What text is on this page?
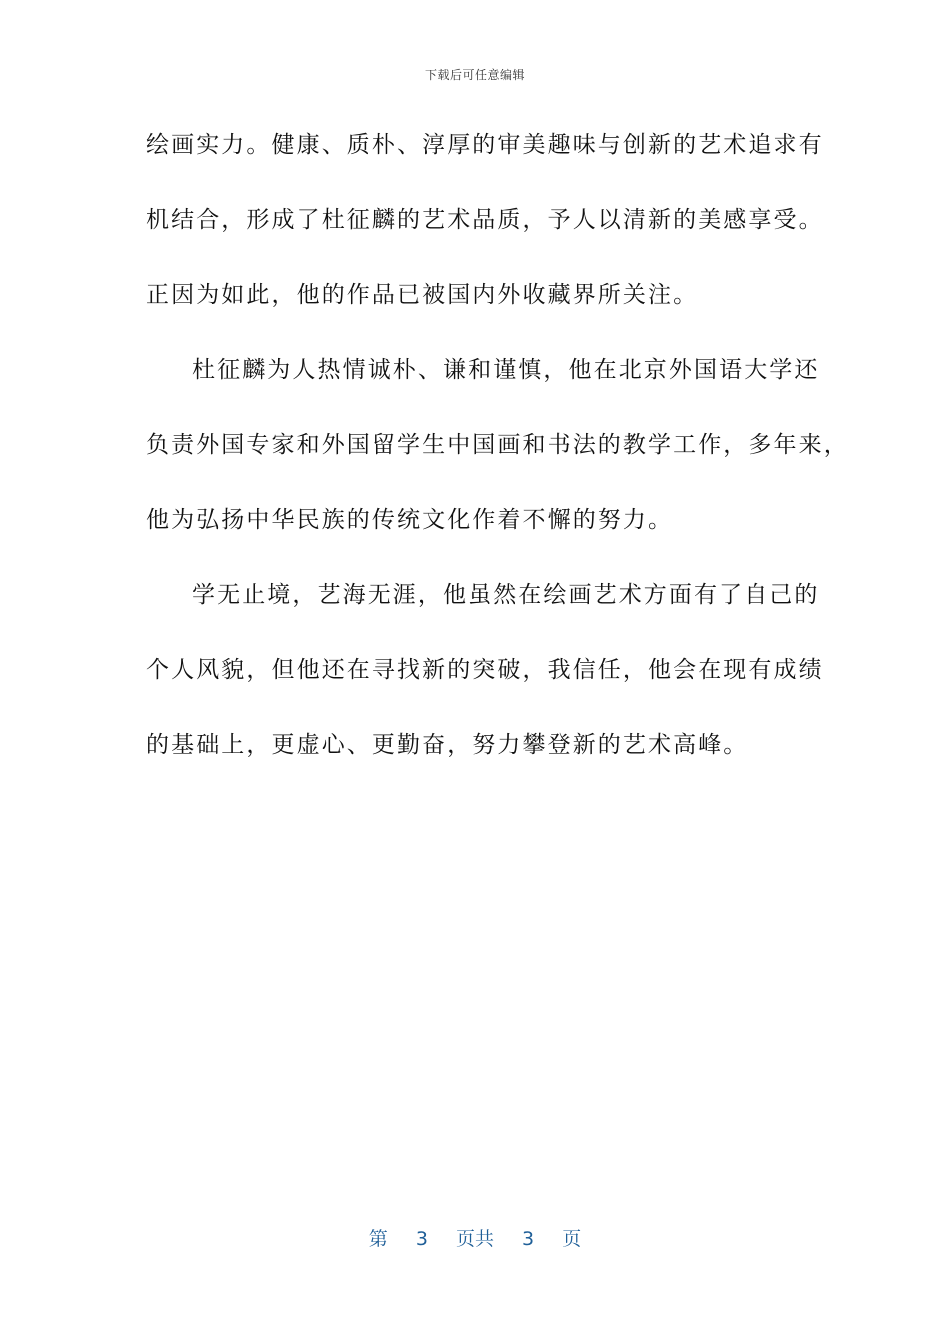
下载后可任意编辑
绘画实力。健康、质朴、淳厚的审美趣味与创新的艺术追求有
机结合，形成了杜征麟的艺术品质，予人以清新的美感享受。
正因为如此，他的作品已被国内外收藏界所关注。
杜征麟为人热情诚朴、谦和谨慎，他在北京外国语大学还
负责外国专家和外国留学生中国画和书法的教学工作，多年来，
他为弘扬中华民族的传统文化作着不懈的努力。
学无止境，艺海无涯，他虽然在绘画艺术方面有了自己的
个人风貌，但他还在寻找新的突破，我信任，他会在现有成绩
的基础上，更虚心、更勤奋，努力攀登新的艺术高峰。
第 3 页共 3 页
